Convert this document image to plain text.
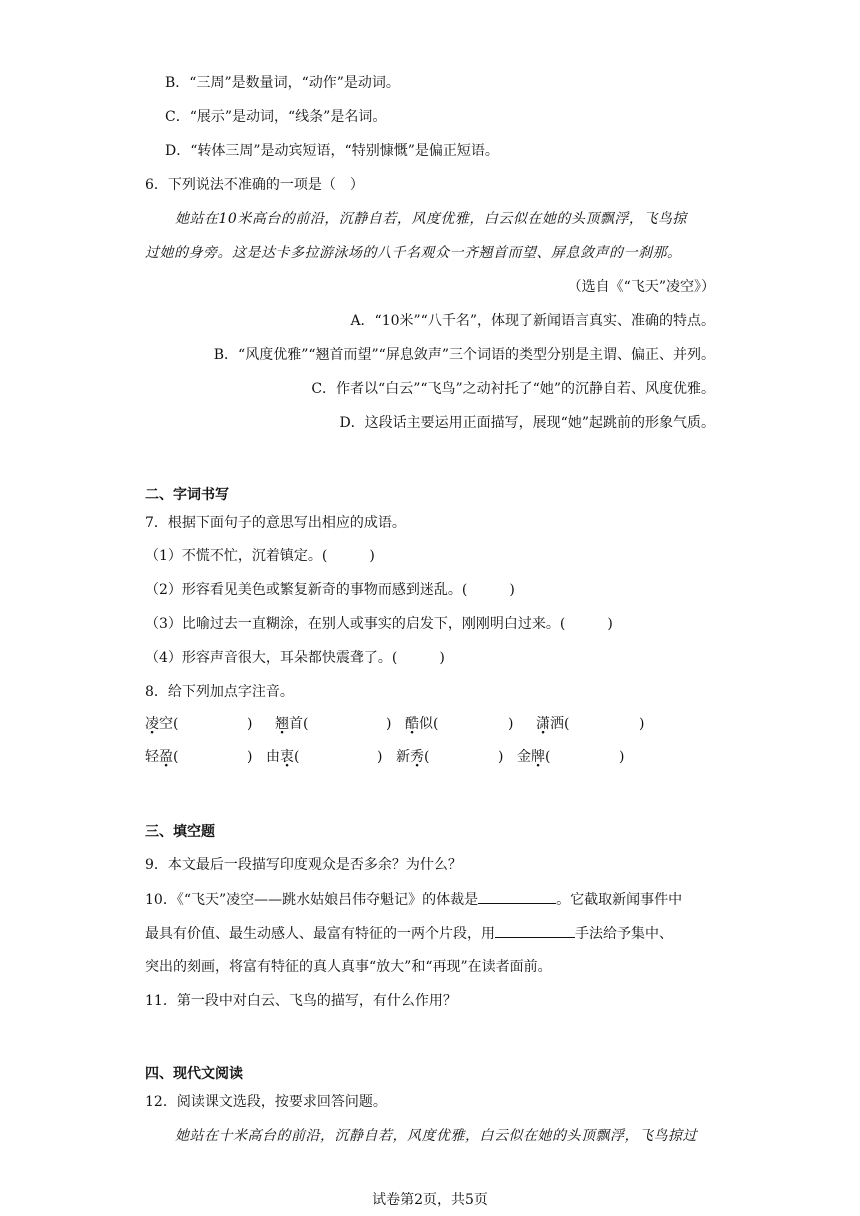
B．“三周”是数量词，“动作”是动词。
C．“展示”是动词，“线条”是名词。
D．“转体三周”是动宾短语，“特别慷慨”是偏正短语。
6．下列说法不准确的一项是（　）
她站在10米高台的前沿，沉静自若，风度优雅，白云似在她的头顶飘浮，飞鸟掠
过她的身旁。这是达卡多拉游泳场的八千名观众一齐翘首而望、屏息敛声的一刹那。
（选自《“飞天”凌空》）
A．“10米”“八千名”，体现了新闻语言真实、准确的特点。
B．“风度优雅”“翘首而望”“屏息敛声”三个词语的类型分别是主谓、偏正、并列。
C．作者以“白云”“飞鸟”之动衬托了“她”的沉静自若、风度优雅。
D．这段话主要运用正面描写，展现“她”起跳前的形象气质。
二、字词书写
7．根据下面句子的意思写出相应的成语。
（1）不慌不忙，沉着镇定。(　　　)
（2）形容看见美色或繁复新奇的事物而感到迷乱。(　　　)
（3）比喻过去一直糊涂，在别人或事实的启发下，刚刚明白过来。(　　　)
（4）形容声音很大，耳朵都快震聋了。(　　　)
8．给下列加点字注音。
凌空(	) 翘首(	) 酷似(	) 潇洒(	)
轻盈(	) 由衷(	) 新秀(	) 金牌(	)
三、填空题
9．本文最后一段描写印度观众是否多余？为什么？
10．《“飞天”凌空——跳水姑娘吕伟夺魁记》的体裁是	。它截取新闻事件中
最具有价值、最生动感人、最富有特征的一两个片段，用	手法给予集中、
突出的刻画，将富有特征的真人真事“放大”和“再现”在读者面前。
11．第一段中对白云、飞鸟的描写，有什么作用？
四、现代文阅读
12．阅读课文选段，按要求回答问题。
她站在十米高台的前沿，沉静自若，风度优雅，白云似在她的头顶飘浮，飞鸟掠过
试卷第2页，共5页
